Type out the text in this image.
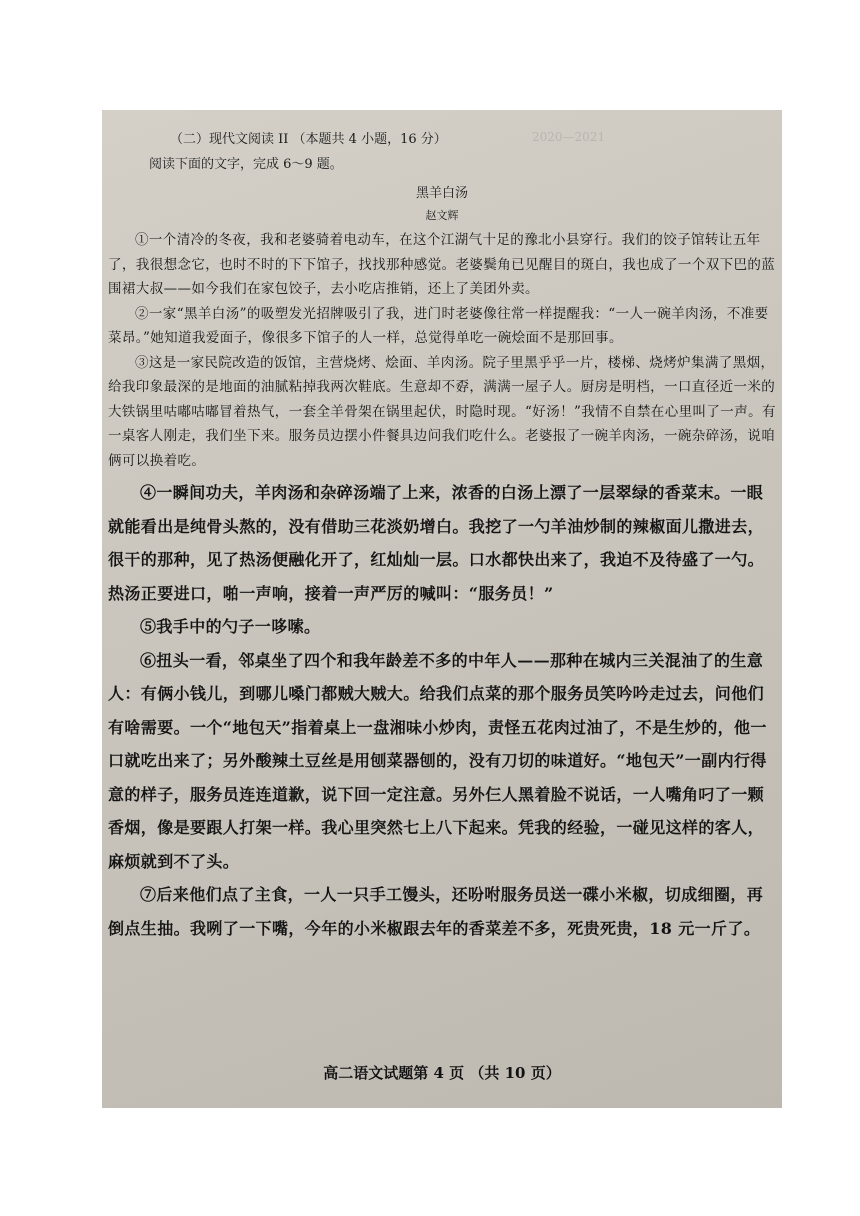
2020—2021
（二）现代文阅读 II （本题共 4 小题，16 分）
阅读下面的文字，完成 6～9 题。
黑羊白汤
赵文辉

①一个清冷的冬夜，我和老婆骑着电动车，在这个江湖气十足的豫北小县穿行。我们的饺子馆转让五年了，我很想念它，也时不时的下下馆子，找找那种感觉。老婆鬓角已见醒目的斑白，我也成了一个双下巴的蓝围裙大叔——如今我们在家包饺子，去小吃店推销，还上了美团外卖。

②一家“黑羊白汤”的吸塑发光招牌吸引了我，进门时老婆像往常一样提醒我：“一人一碗羊肉汤，不准要菜昂。”她知道我爱面子，像很多下馆子的人一样，总觉得单吃一碗烩面不是那回事。

③这是一家民院改造的饭馆，主营烧烤、烩面、羊肉汤。院子里黑乎乎一片，楼梯、烧烤炉集满了黑烟，给我印象最深的是地面的油腻粘掉我两次鞋底。生意却不孬，满满一屋子人。厨房是明档，一口直径近一米的大铁锅里咕嘟咕嘟冒着热气，一套全羊骨架在锅里起伏，时隐时现。“好汤！”我情不自禁在心里叫了一声。有一桌客人刚走，我们坐下来。服务员边摆小件餐具边问我们吃什么。老婆报了一碗羊肉汤，一碗杂碎汤，说咱俩可以换着吃。

④一瞬间功夫，羊肉汤和杂碎汤端了上来，浓香的白汤上漂了一层翠绿的香菜末。一眼就能看出是纯骨头熬的，没有借助三花淡奶增白。我挖了一勺羊油炒制的辣椒面儿撒进去，很干的那种，见了热汤便融化开了，红灿灿一层。口水都快出来了，我迫不及待盛了一勺。热汤正要进口，啪一声响，接着一声严厉的喊叫：“服务员！”

⑤我手中的勺子一哆嗦。

⑥扭头一看，邻桌坐了四个和我年龄差不多的中年人——那种在城内三关混油了的生意人：有俩小钱儿，到哪儿嗓门都贼大贼大。给我们点菜的那个服务员笑吟吟走过去，问他们有啥需要。一个“地包天”指着桌上一盘湘味小炒肉，责怪五花肉过油了，不是生炒的，他一口就吃出来了；另外酸辣土豆丝是用刨菜器刨的，没有刀切的味道好。“地包天”一副内行得意的样子，服务员连连道歉，说下回一定注意。另外仨人黑着脸不说话，一人嘴角叼了一颗香烟，像是要跟人打架一样。我心里突然七上八下起来。凭我的经验，一碰见这样的客人，麻烦就到不了头。

⑦后来他们点了主食，一人一只手工馒头，还吩咐服务员送一碟小米椒，切成细圈，再倒点生抽。我咧了一下嘴，今年的小米椒跟去年的香菜差不多，死贵死贵，18 元一斤了。

高二语文试题第 4 页 （共 10 页）
